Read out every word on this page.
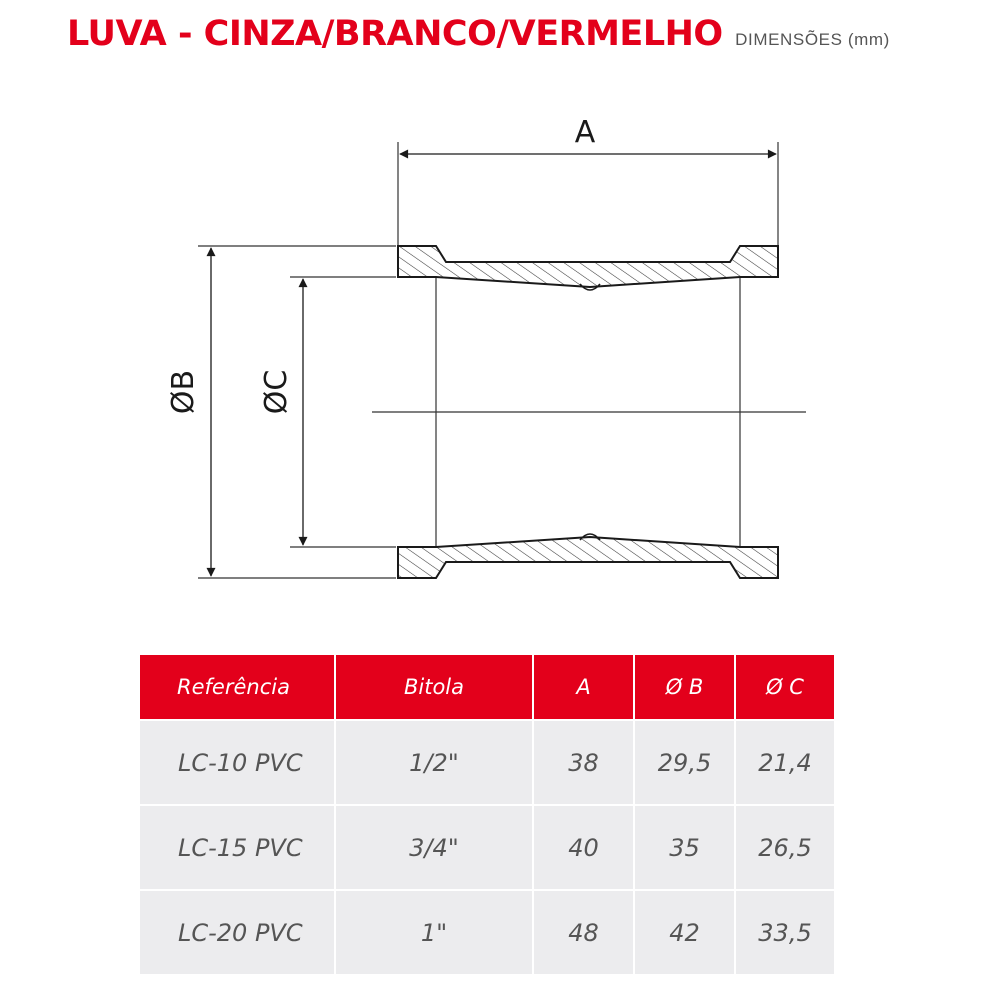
LUVA - CINZA/BRANCO/VERMELHO DIMENSÕES (mm)
A
ØB ØC
Referência	Bitola	A	Ø B	Ø C
LC-10 PVC	1/2"	38	29,5	21,4
LC-15 PVC	3/4"	40	35	26,5
LC-20 PVC	1"	48	42	33,5
